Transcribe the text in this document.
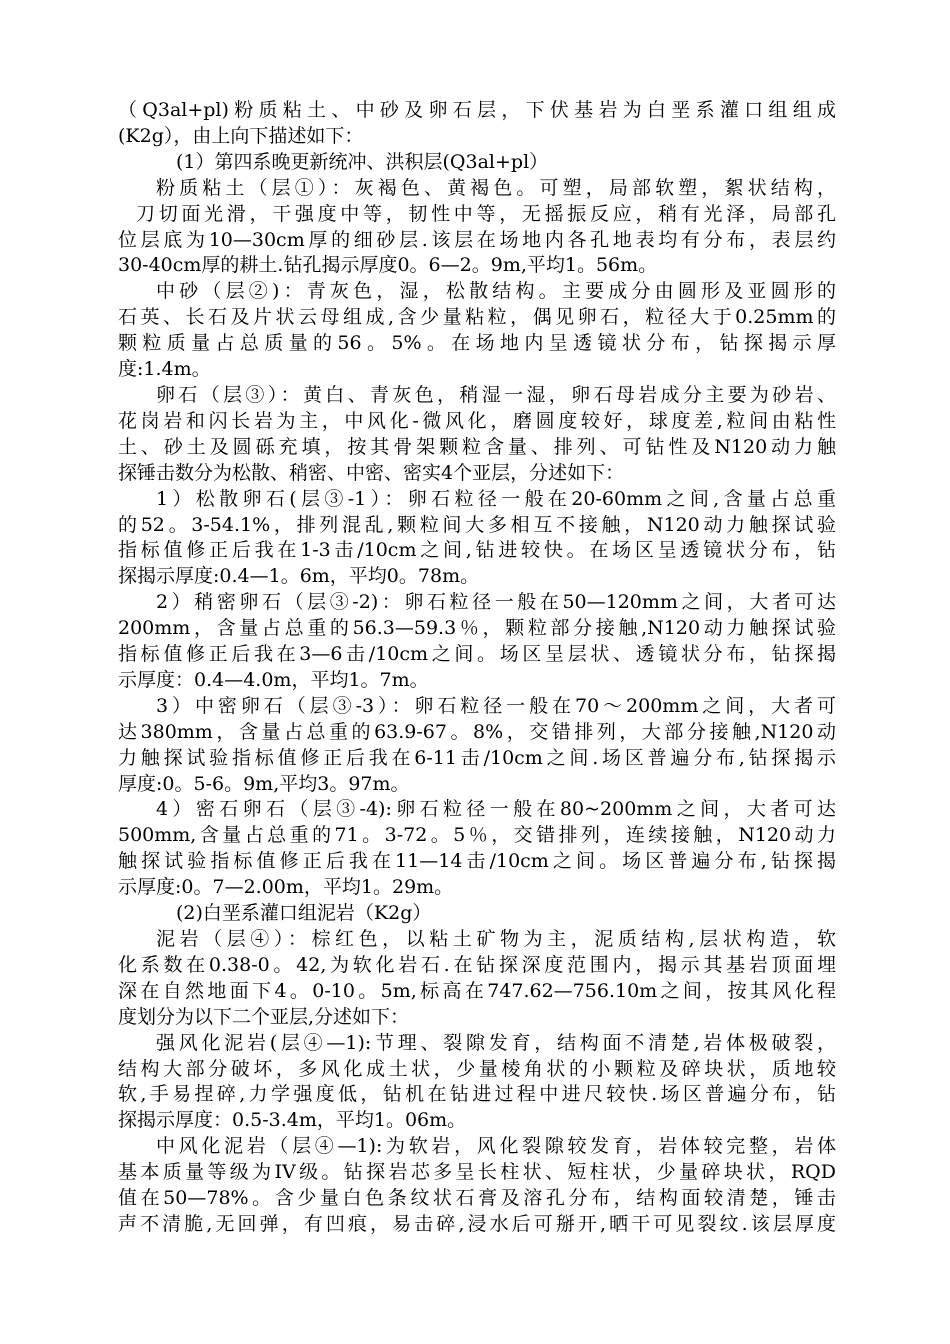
（Q3al+pl)粉质粘土、中砂及卵石层，下伏基岩为白垩系灌口组组成
(K2g），由上向下描述如下：
(1）第四系晚更新统冲、洪积层(Q3al+pl）
粉质粘土（层①）：灰褐色、黄褐色。可塑，局部软塑，絮状结构，
刀切面光滑，干强度中等，韧性中等，无摇振反应，稍有光泽，局部孔
位层底为10—30cm厚的细砂层.该层在场地内各孔地表均有分布，表层约
30-40cm厚的耕土.钻孔揭示厚度0。6—2。9m,平均1。56m。
中砂（层②)：青灰色，湿，松散结构。主要成分由圆形及亚圆形的
石英、长石及片状云母组成,含少量粘粒，偶见卵石，粒径大于0.25mm的
颗粒质量占总质量的56。5%。在场地内呈透镜状分布，钻探揭示厚
度:1.4m。
卵石（层③）：黄白、青灰色，稍湿一湿，卵石母岩成分主要为砂岩、
花岗岩和闪长岩为主，中风化-微风化，磨圆度较好，球度差,粒间由粘性
土、砂土及圆砾充填，按其骨架颗粒含量、排列、可钻性及N120动力触
探锤击数分为松散、稍密、中密、密实4个亚层，分述如下：
1）松散卵石(层③-1）：卵石粒径一般在20-60mm之间,含量占总重
的52。3-54.1%，排列混乱,颗粒间大多相互不接触，N120动力触探试验
指标值修正后我在1-3击/10cm之间,钻进较快。在场区呈透镜状分布，钻
探揭示厚度:0.4—1。6m，平均0。78m。
2）稍密卵石（层③-2)：卵石粒径一般在50—120mm之间，大者可达
200mm，含量占总重的56.3—59.3％，颗粒部分接触,N120动力触探试验
指标值修正后我在3—6击/10cm之间。场区呈层状、透镜状分布，钻探揭
示厚度：0.4—4.0m，平均1。7m。
3）中密卵石（层③-3）：卵石粒径一般在70～200mm之间，大者可
达380mm，含量占总重的63.9-67。8%，交错排列，大部分接触,N120动
力触探试验指标值修正后我在6-11击/10cm之间.场区普遍分布,钻探揭示
厚度:0。5-6。9m,平均3。97m。
4）密石卵石（层③-4):卵石粒径一般在80~200mm之间，大者可达
500mm,含量占总重的71。3-72。5％，交错排列，连续接触，N120动力
触探试验指标值修正后我在11—14击/10cm之间。场区普遍分布,钻探揭
示厚度:0。7—2.00m，平均1。29m。
(2)白垩系灌口组泥岩（K2g）
泥岩（层④）：棕红色，以粘土矿物为主，泥质结构,层状构造，软
化系数在0.38-0。42,为软化岩石.在钻探深度范围内，揭示其基岩顶面埋
深在自然地面下4。0-10。5m,标高在747.62—756.10m之间，按其风化程
度划分为以下二个亚层,分述如下：
强风化泥岩(层④—1):节理、裂隙发育，结构面不清楚,岩体极破裂，
结构大部分破坏，多风化成土状，少量棱角状的小颗粒及碎块状，质地较
软,手易捏碎,力学强度低，钻机在钻进过程中进尺较快.场区普遍分布，钻
探揭示厚度：0.5-3.4m，平均1。06m。
中风化泥岩（层④—1):为软岩，风化裂隙较发育，岩体较完整，岩体
基本质量等级为IV级。钻探岩芯多呈长柱状、短柱状，少量碎块状，RQD
值在50—78%。含少量白色条纹状石膏及溶孔分布，结构面较清楚，锤击
声不清脆,无回弹，有凹痕，易击碎,浸水后可掰开,晒干可见裂纹.该层厚度
